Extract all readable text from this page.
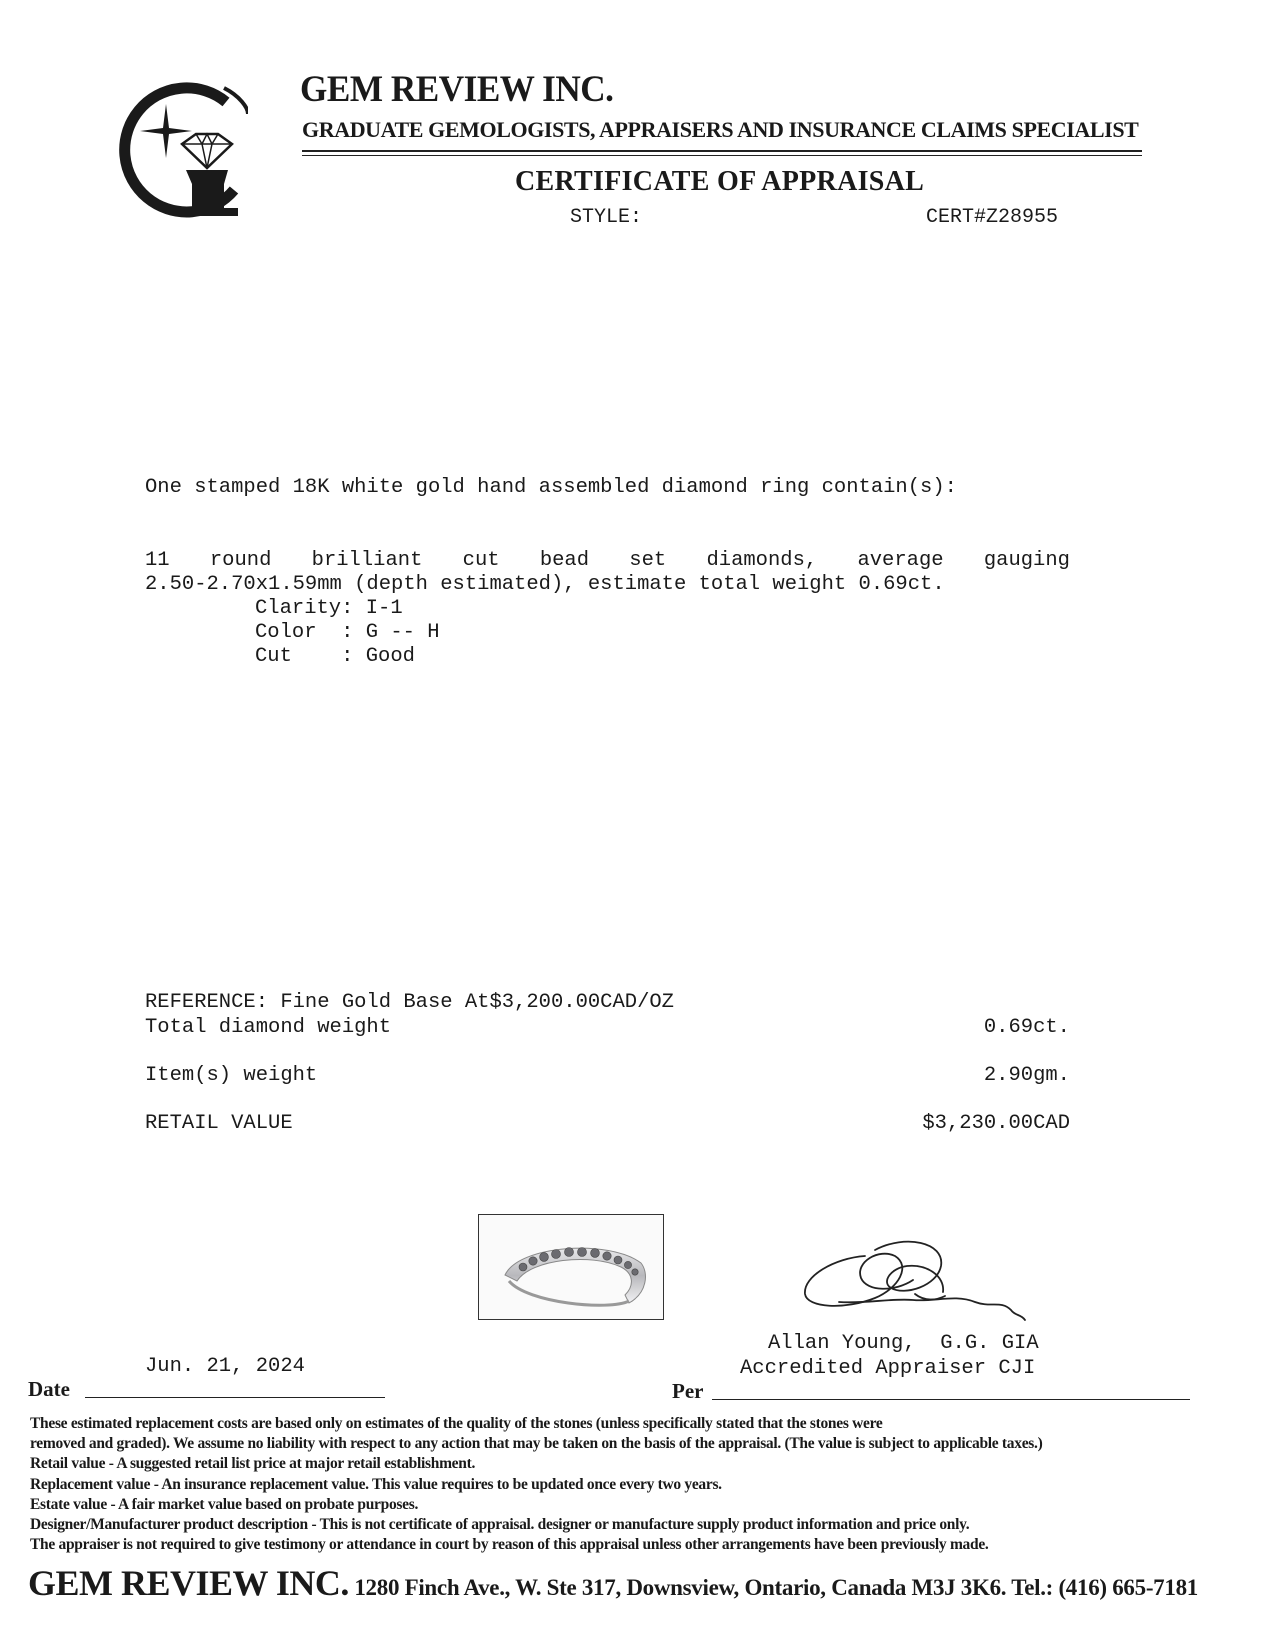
GEM REVIEW INC.
GRADUATE GEMOLOGISTS, APPRAISERS AND INSURANCE CLAIMS SPECIALIST
CERTIFICATE OF APPRAISAL
STYLE:	CERT#Z28955
One stamped 18K white gold hand assembled diamond ring contain(s):
11 round brilliant cut bead set diamonds, average gauging
2.50-2.70x1.59mm (depth estimated), estimate total weight 0.69ct.
Clarity: I-1
Color  : G -- H
Cut    : Good
REFERENCE: Fine Gold Base At$3,200.00CAD/OZ
Total diamond weight	0.69ct.
Item(s) weight	2.90gm.
RETAIL VALUE	$3,230.00CAD
Allan Young,  G.G. GIA
Accredited Appraiser CJI
Jun. 21, 2024
Date	Per
These estimated replacement costs are based only on estimates of the quality of the stones (unless specifically stated that the stones were
removed and graded). We assume no liability with respect to any action that may be taken on the basis of the appraisal. (The value is subject to applicable taxes.)
Retail value - A suggested retail list price at major retail establishment.
Replacement value - An insurance replacement value. This value requires to be updated once every two years.
Estate value - A fair market value based on probate purposes.
Designer/Manufacturer product description - This is not certificate of appraisal. designer or manufacture supply product information and price only.
The appraiser is not required to give testimony or attendance in court by reason of this appraisal unless other arrangements have been previously made.
GEM REVIEW INC. 1280 Finch Ave., W. Ste 317, Downsview, Ontario, Canada M3J 3K6. Tel.: (416) 665-7181
